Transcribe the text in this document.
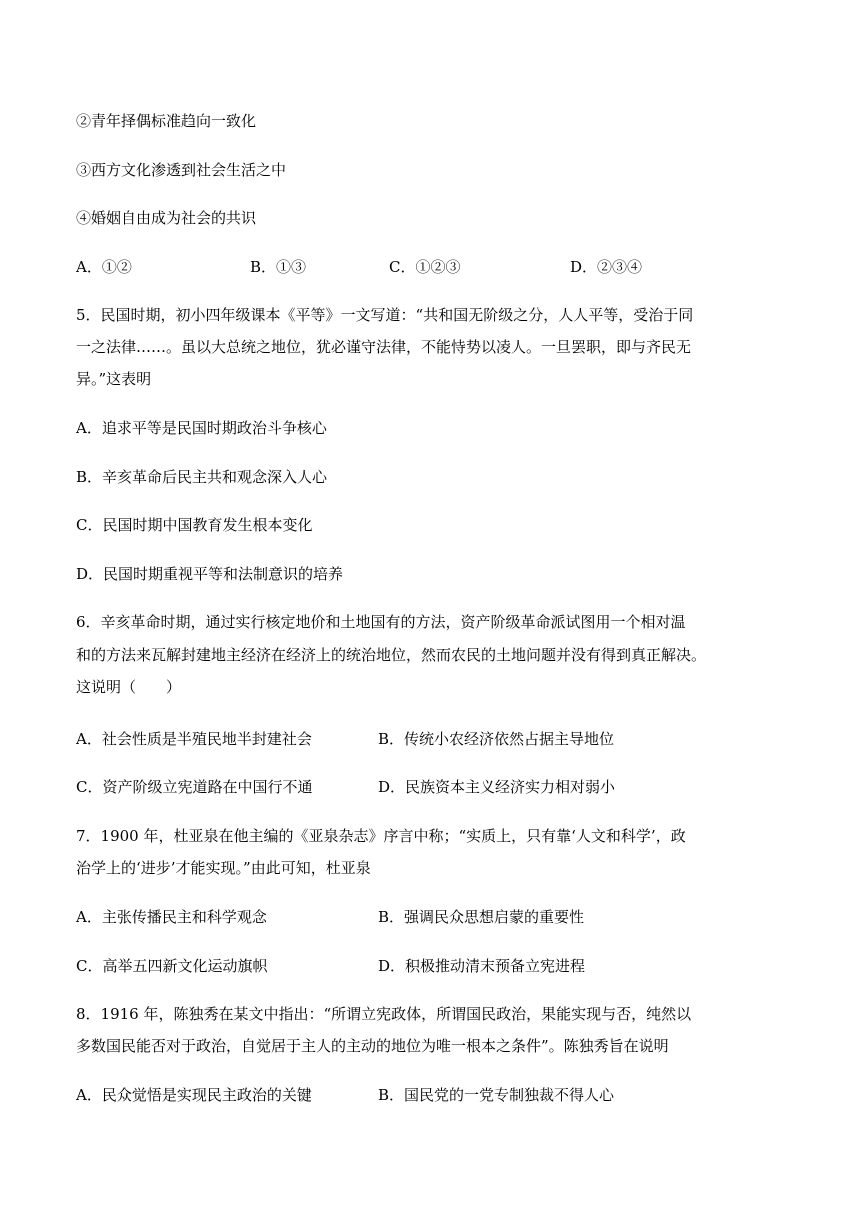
②青年择偶标准趋向一致化
③西方文化渗透到社会生活之中
④婚姻自由成为社会的共识
A．①②	B．①③	C．①②③	D．②③④
5．民国时期，初小四年级课本《平等》一文写道：“共和国无阶级之分，人人平等，受治于同
一之法律……。虽以大总统之地位，犹必谨守法律，不能恃势以凌人。一旦罢职，即与齐民无
异。”这表明
A．追求平等是民国时期政治斗争核心
B．辛亥革命后民主共和观念深入人心
C．民国时期中国教育发生根本变化
D．民国时期重视平等和法制意识的培养
6．辛亥革命时期，通过实行核定地价和土地国有的方法，资产阶级革命派试图用一个相对温
和的方法来瓦解封建地主经济在经济上的统治地位，然而农民的土地问题并没有得到真正解决。
这说明（　　）
A．社会性质是半殖民地半封建社会	B．传统小农经济依然占据主导地位
C．资产阶级立宪道路在中国行不通	D．民族资本主义经济实力相对弱小
7．1900 年，杜亚泉在他主编的《亚泉杂志》序言中称；“实质上，只有靠‘人文和科学’，政
治学上的‘进步’才能实现。”由此可知，杜亚泉
A．主张传播民主和科学观念	B．强调民众思想启蒙的重要性
C．高举五四新文化运动旗帜	D．积极推动清末预备立宪进程
8．1916 年，陈独秀在某文中指出：“所谓立宪政体，所谓国民政治，果能实现与否，纯然以
多数国民能否对于政治，自觉居于主人的主动的地位为唯一根本之条件”。陈独秀旨在说明
A．民众觉悟是实现民主政治的关键	B．国民党的一党专制独裁不得人心
